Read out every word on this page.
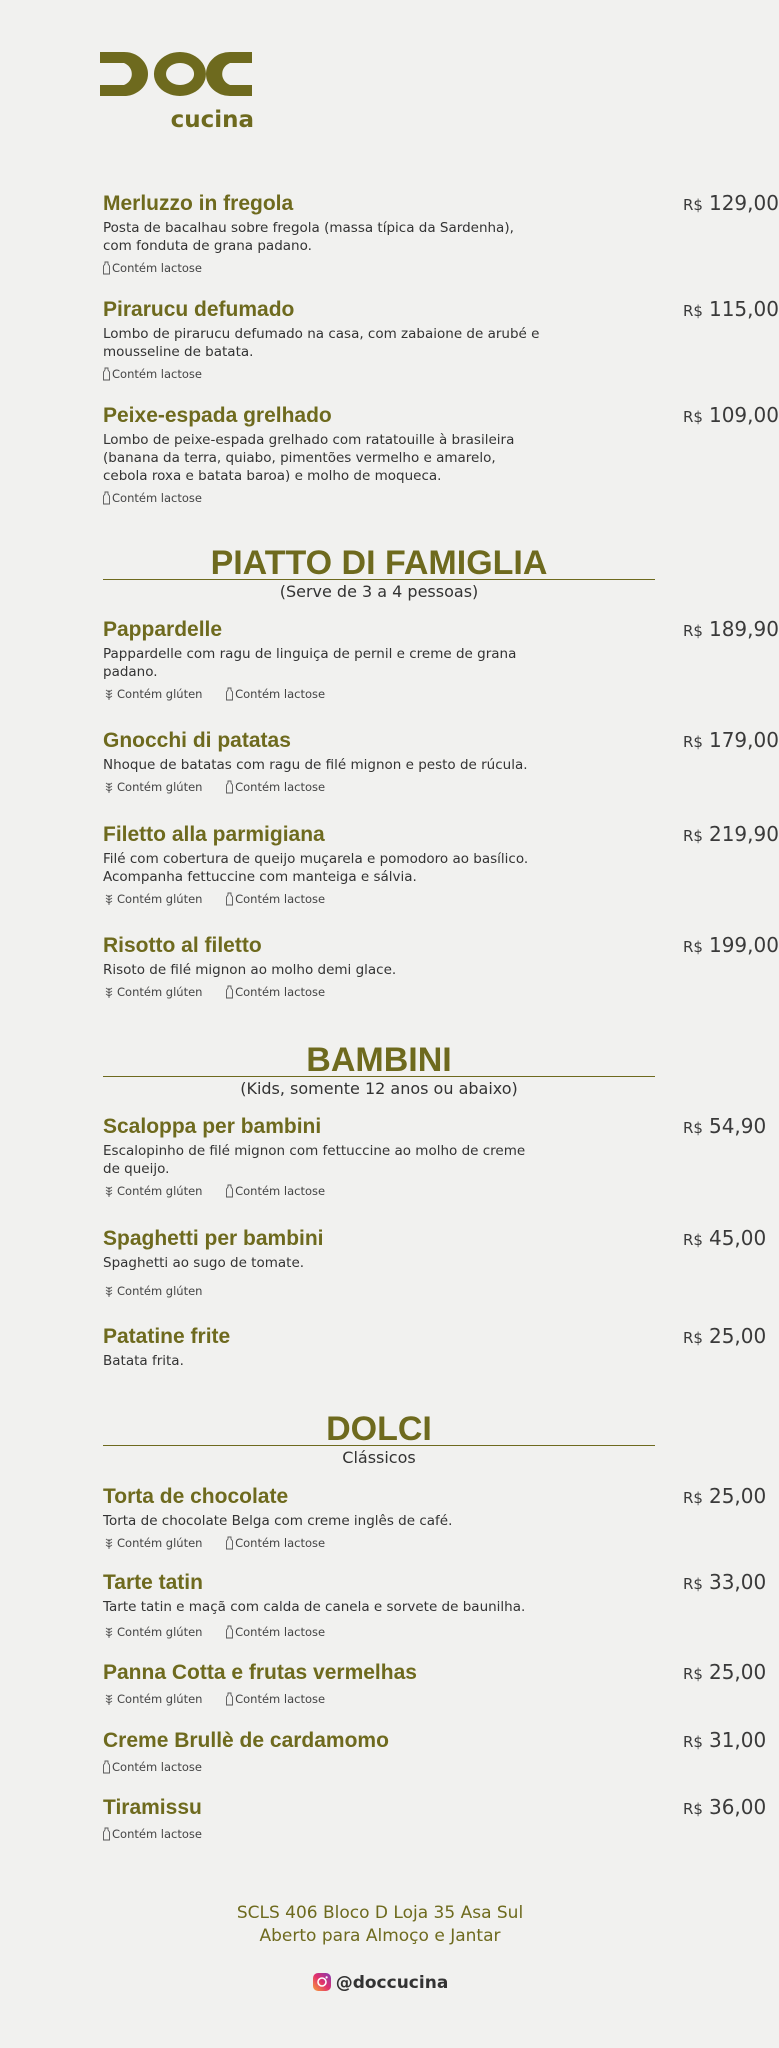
cucina
Merluzzo in fregola	R$ 129,00
Posta de bacalhau sobre fregola (massa típica da Sardenha), com fonduta de grana padano.
Contém lactose
Pirarucu defumado	R$ 115,00
Lombo de pirarucu defumado na casa, com zabaione de arubé e mousseline de batata.
Contém lactose
Peixe-espada grelhado	R$ 109,00
Lombo de peixe-espada grelhado com ratatouille à brasileira (banana da terra, quiabo, pimentões vermelho e amarelo, cebola roxa e batata baroa) e molho de moqueca.
Contém lactose
PIATTO DI FAMIGLIA
(Serve de 3 a 4 pessoas)
Pappardelle	R$ 189,90
Pappardelle com ragu de linguiça de pernil e creme de grana padano.
Contém glúten	Contém lactose
Gnocchi di patatas	R$ 179,00
Nhoque de batatas com ragu de filé mignon e pesto de rúcula.
Contém glúten	Contém lactose
Filetto alla parmigiana	R$ 219,90
Filé com cobertura de queijo muçarela e pomodoro ao basílico. Acompanha fettuccine com manteiga e sálvia.
Contém glúten	Contém lactose
Risotto al filetto	R$ 199,00
Risoto de filé mignon ao molho demi glace.
Contém glúten	Contém lactose
BAMBINI
(Kids, somente 12 anos ou abaixo)
Scaloppa per bambini	R$ 54,90
Escalopinho de filé mignon com fettuccine ao molho de creme de queijo.
Contém glúten	Contém lactose
Spaghetti per bambini	R$ 45,00
Spaghetti ao sugo de tomate.
Contém glúten
Patatine frite	R$ 25,00
Batata frita.
DOLCI
Clássicos
Torta de chocolate	R$ 25,00
Torta de chocolate Belga com creme inglês de café.
Contém glúten	Contém lactose
Tarte tatin	R$ 33,00
Tarte tatin e maçã com calda de canela e sorvete de baunilha.
Contém glúten	Contém lactose
Panna Cotta e frutas vermelhas	R$ 25,00
Contém glúten	Contém lactose
Creme Brullè de cardamomo	R$ 31,00
Contém lactose
Tiramissu	R$ 36,00
Contém lactose
SCLS 406 Bloco D Loja 35 Asa Sul
Aberto para Almoço e Jantar
@doccucina
